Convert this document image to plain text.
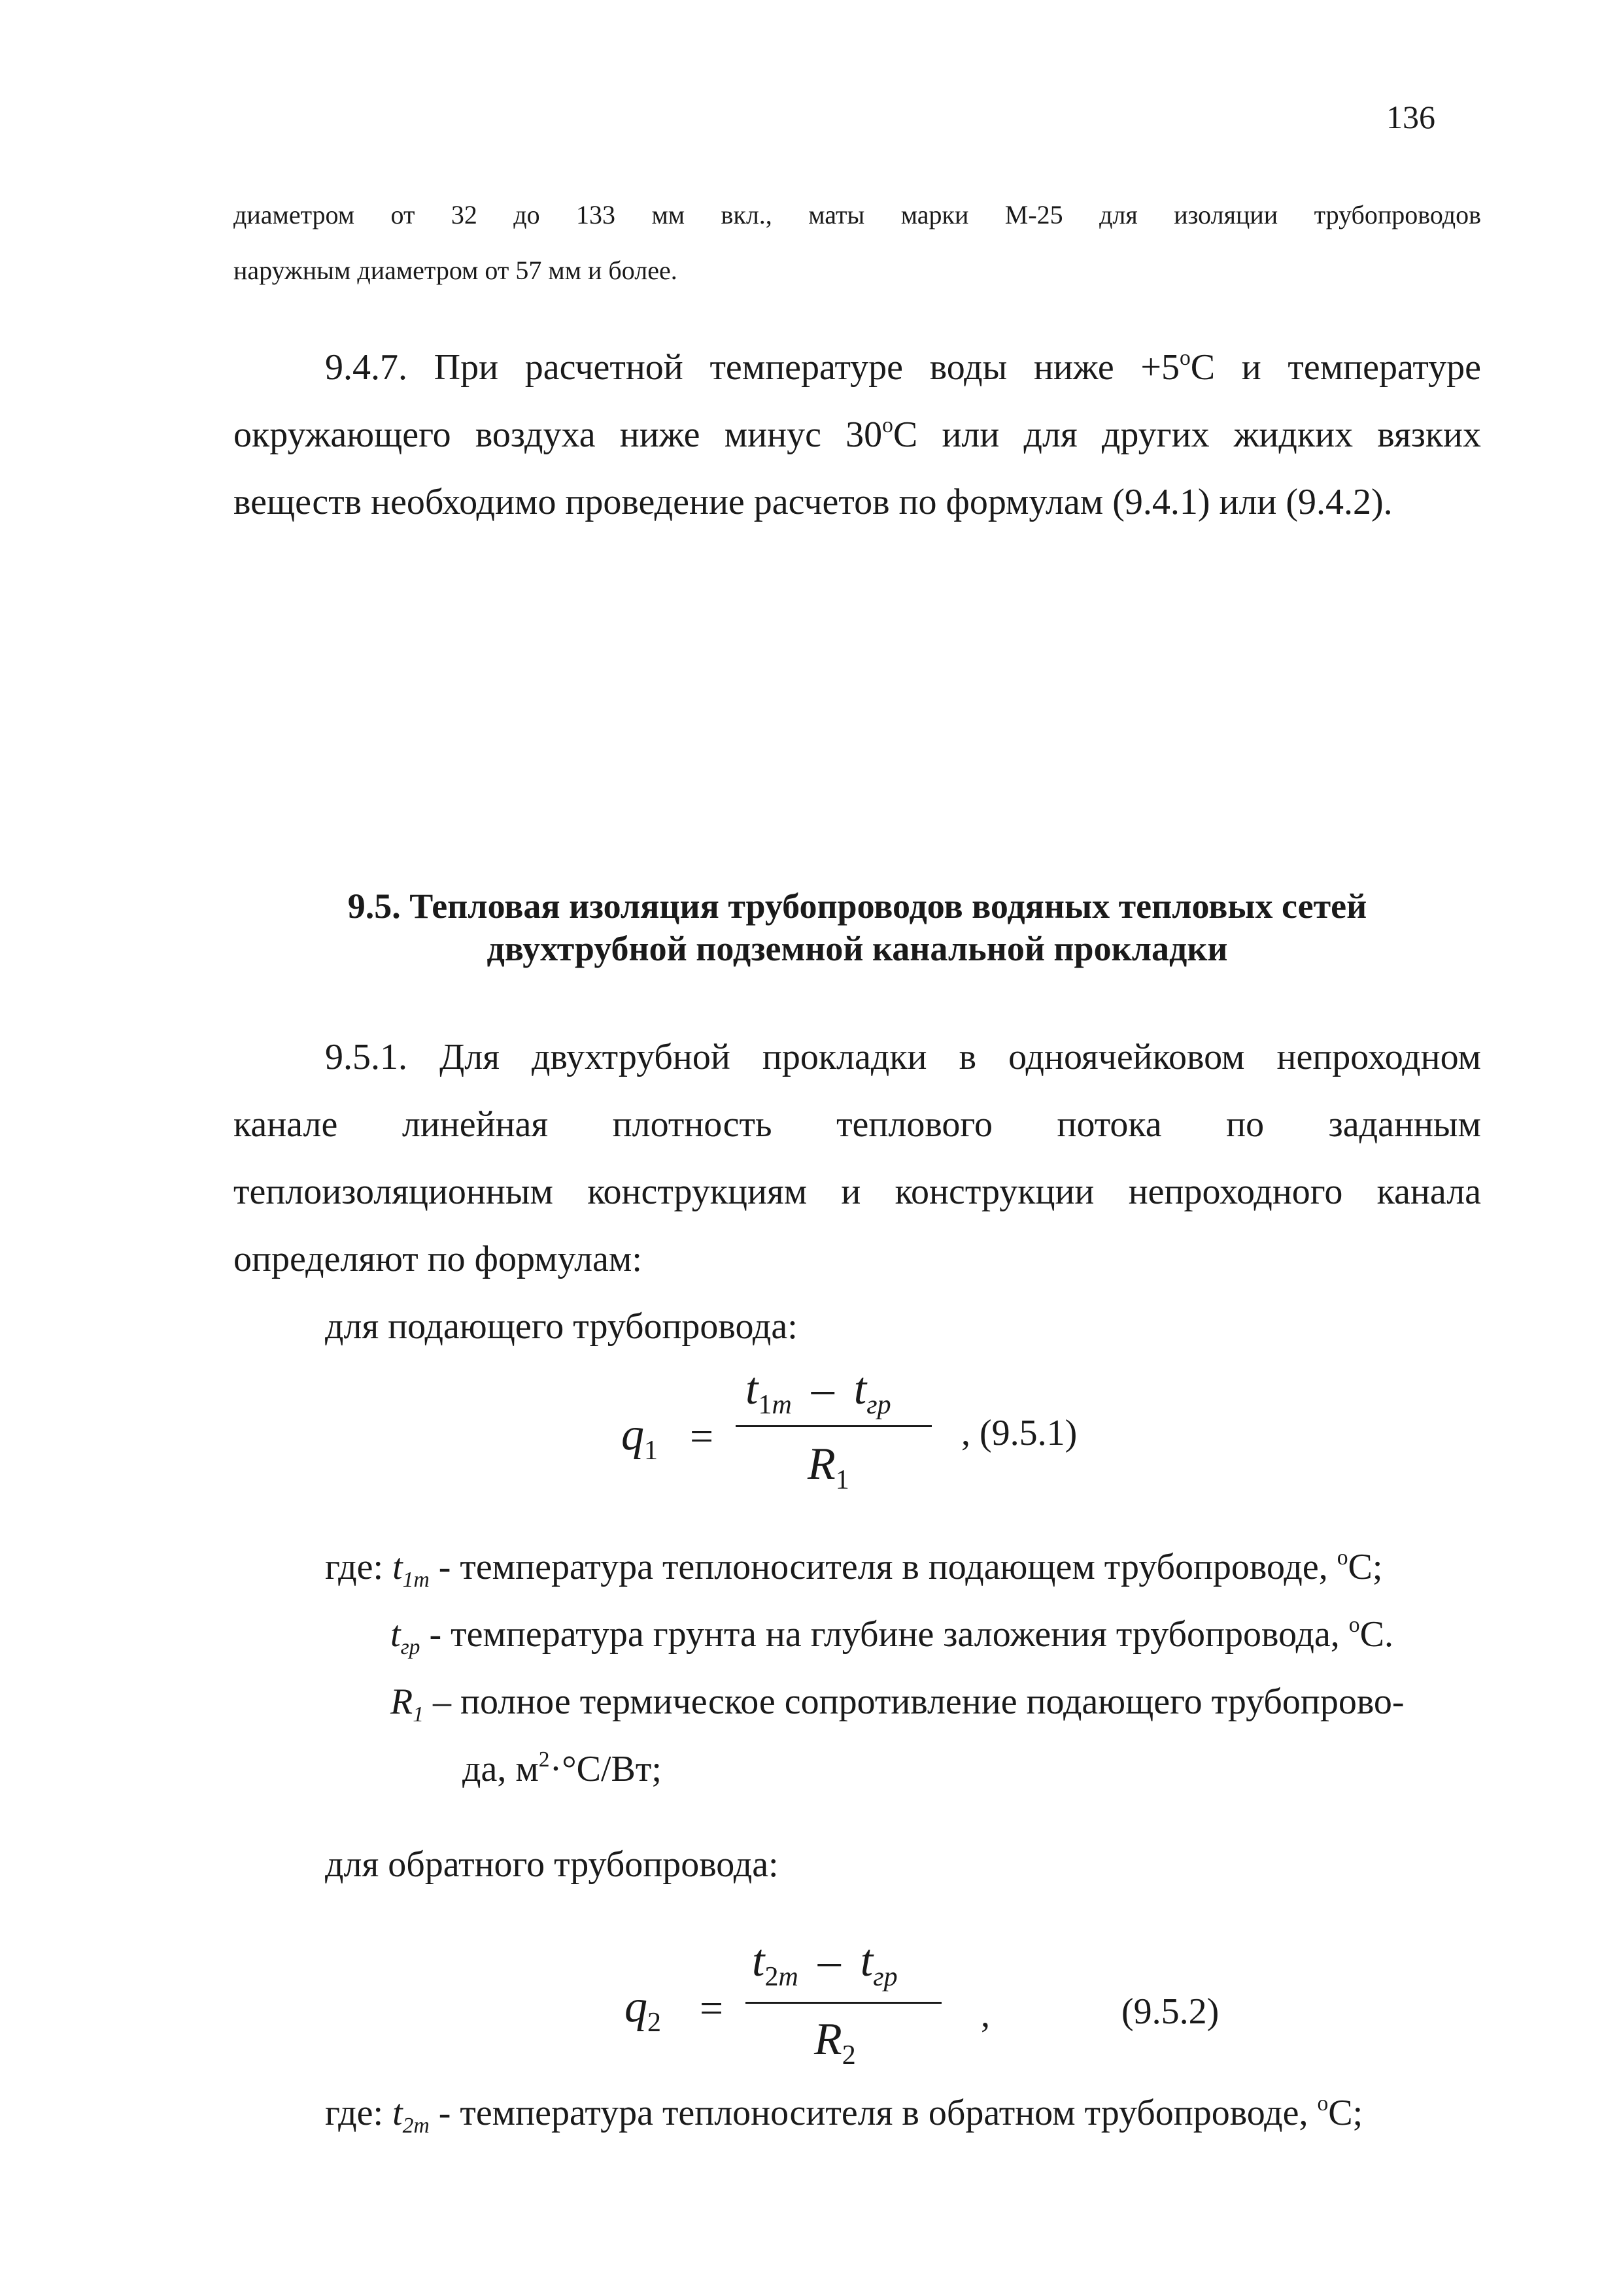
136
диаметром от 32 до 133 мм вкл., маты марки М-25 для изоляции трубопроводов
наружным диаметром от 57 мм и более.
9.4.7. При расчетной температуре воды ниже $+5^oС$ и температуре
окружающего воздуха ниже минус 30$^o$С или для других жидких вязких
веществ необходимо проведение расчетов по формулам (9.4.1) или (9.4.2).
9.5. Тепловая изоляция трубопроводов водяных тепловых сетей
двухтрубной подземной канальной прокладки
9.5.1. Для двухтрубной прокладки в одноячейковом непроходном
канале линейная плотность теплового потока по заданным
теплоизоляционным конструкциям и конструкции непроходного канала
определяют по формулам:
для подающего трубопровода:
$q_1$ =
$t_{1т} - t_{гр}$
$R_1$
, (9.5.1)
где: $t_{1m}$ - температура теплоносителя в подающем трубопроводе, $^o$С;
$t_{гр}$ - температура грунта на глубине заложения трубопровода, $^o$С.
$R_1$ – полное термическое сопротивление подающего трубопрово-
да, $м^2\cdot^\circ С/Вт$;
для обратного трубопровода:
$q_2$ =
$t_{2т} - t_{гр}$
$R_2$
,	(9.5.2)
где: $t_{2m}$ - температура теплоносителя в обратном трубопроводе, $^o$С;
